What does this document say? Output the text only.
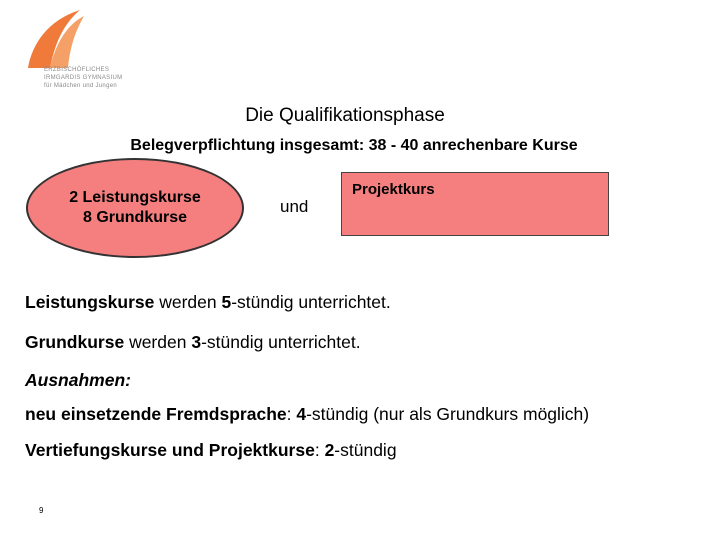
ERZBISCHÖFLICHES
IRMGARDIS GYMNASIUM
für Mädchen und Jungen
Die Qualifikationsphase
Belegverpflichtung insgesamt: 38 - 40 anrechenbare Kurse
2 Leistungskurse
8 Grundkurse
und
Projektkurs
Leistungskurse werden 5-stündig unterrichtet.
Grundkurse werden 3-stündig unterrichtet.
Ausnahmen:
neu einsetzende Fremdsprache: 4-stündig (nur als Grundkurs möglich)
Vertiefungskurse und Projektkurse: 2-stündig
9
